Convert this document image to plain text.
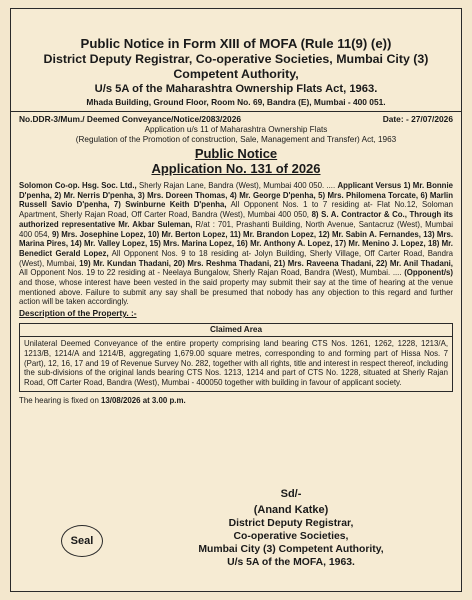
Public Notice in Form XIII of MOFA (Rule 11(9) (e))
District Deputy Registrar, Co-operative Societies, Mumbai City (3)
Competent Authority,
U/s 5A of the Maharashtra Ownership Flats Act, 1963.
Mhada Building, Ground Floor, Room No. 69, Bandra (E), Mumbai - 400 051.
No.DDR-3/Mum./ Deemed Conveyance/Notice/2083/2026	Date: - 27/07/2026
Application u/s 11 of Maharashtra Ownership Flats
(Regulation of the Promotion of construction, Sale, Management and Transfer) Act, 1963
Public Notice
Application No. 131 of 2026
Solomon Co-op. Hsg. Soc. Ltd., Sherly Rajan Lane, Bandra (West), Mumbai 400 050. .... Applicant Versus 1) Mr. Bonnie D'penha, 2) Mr. Nerris D'penha, 3) Mrs. Doreen Thomas, 4) Mr. George D'penha, 5) Mrs. Philomena Torcate, 6) Marlin Russell Savio D'penha, 7) Swinburne Keith D'penha, All Opponent Nos. 1 to 7 residing at- Flat No.12, Soloman Apartment, Sherly Rajan Road, Off Carter Road, Bandra (West), Mumbai 400 050, 8) S. A. Contractor & Co., Through its authorized representative Mr. Akbar Suleman, R/at : 701, Prashanti Building, North Avenue, Santacruz (West), Mumbai 400 054, 9) Mrs. Josephine Lopez, 10) Mr. Berton Lopez, 11) Mr. Brandon Lopez, 12) Mr. Sabin A. Fernandes, 13) Mrs. Marina Pires, 14) Mr. Valley Lopez, 15) Mrs. Marina Lopez, 16) Mr. Anthony A. Lopez, 17) Mr. Menino J. Lopez, 18) Mr. Benedict Gerald Lopez, All Opponent Nos. 9 to 18 residing at- Jolyn Building, Sherly Village, Off Carter Road, Bandra (West), Mumbai, 19) Mr. Kundan Thadani, 20) Mrs. Reshma Thadani, 21) Mrs. Raveena Thadani, 22) Mr. Anil Thadani, All Opponent Nos. 19 to 22 residing at - Neelaya Bungalow, Sherly Rajan Road, Bandra (West), Mumbai. .... (Opponent/s) and those, whose interest have been vested in the said property may submit their say at the time of hearing at the venue mentioned above. Failure to submit any say shall be presumed that nobody has any objection to this regard and further action will be taken accordingly.
Description of the Property. :-
Claimed Area
Unilateral Deemed Conveyance of the entire property comprising land bearing CTS Nos. 1261, 1262, 1228, 1213/A, 1213/B, 1214/A and 1214/B, aggregating 1,679.00 square metres, corresponding to and forming part of Hissa Nos. 7 (Part), 12, 16, 17 and 19 of Revenue Survey No. 282, together with all rights, title and interest in respect thereof, including the sub-divisions of the original lands bearing CTS Nos. 1213, 1214 and part of CTS No. 1228, situated at Sherly Rajan Road, Off Carter Road, Bandra (West), Mumbai - 400050 together with building in favour of applicant society.
The hearing is fixed on 13/08/2026 at 3.00 p.m.
Seal
Sd/-
(Anand Katke)
District Deputy Registrar,
Co-operative Societies,
Mumbai City (3) Competent Authority,
U/s 5A of the MOFA, 1963.
